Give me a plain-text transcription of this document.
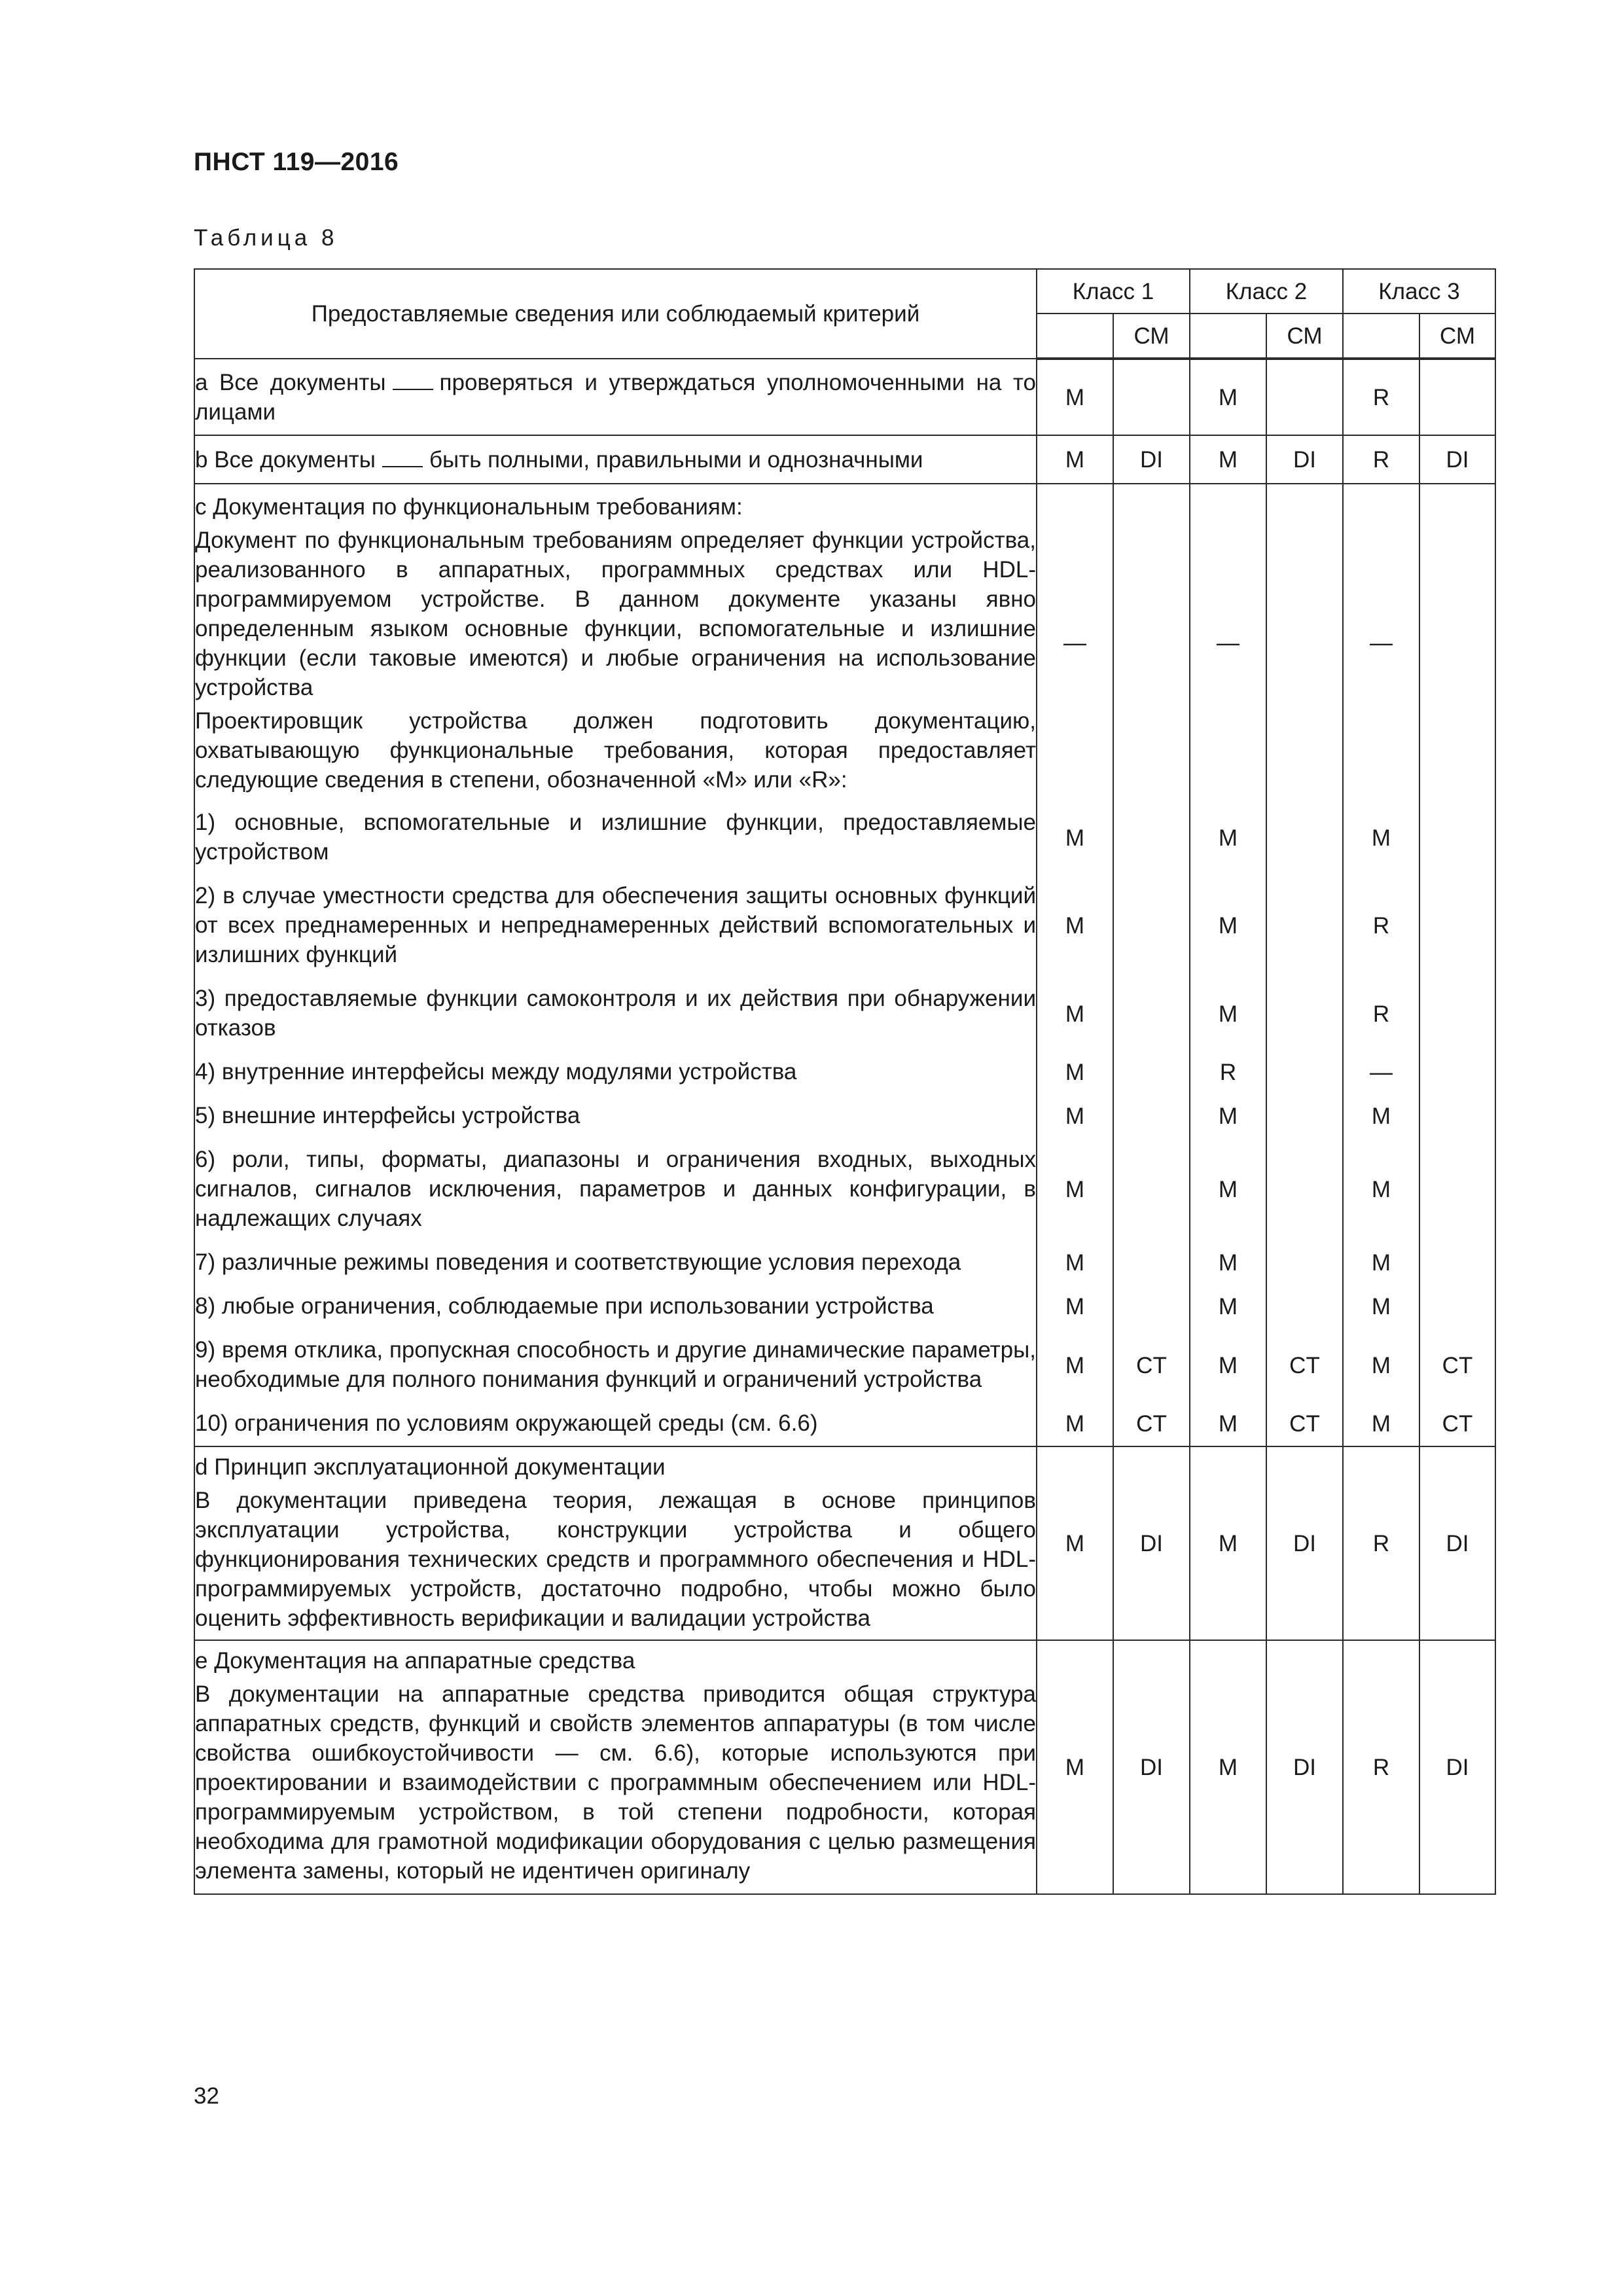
ПНСТ 119—2016
Таблица 8
Предоставляемые сведения или соблюдаемый критерий	Класс 1		Класс 2		Класс 3	
		СМ		СМ		СМ
а Все документы проверяться и утверждаться уполномоченными на то лицами	M		M		R	
b Все документы быть полными, правильными и однозначными	M	DI	M	DI	R	DI

с Документация по функциональным требованиям:

Документ по функциональным требованиям определяет функции устройства, реализованного в аппаратных, программных средствах или HDL-программируемом устройстве. В данном документе указаны явно определенным языком основные функции, вспомогательные и излишние функции (если таковые имеются) и любые ограничения на использование устройства

Проектировщик устройства должен подготовить документацию, охватывающую функциональные требования, которая предоставляет следующие сведения в степени, обозначенной «M» или «R»:	—		—		—	
1) основные, вспомогательные и излишние функции, предоставляемые устройством	M		M		M	
2) в случае уместности средства для обеспечения защиты основных функций от всех преднамеренных и непреднамеренных действий вспомогательных и излишних функций	M		M		R	
3) предоставляемые функции самоконтроля и их действия при обнаружении отказов	M		M		R	
4) внутренние интерфейсы между модулями устройства	M		R		—	
5) внешние интерфейсы устройства	M		M		M	
6) роли, типы, форматы, диапазоны и ограничения входных, выходных сигналов, сигналов исключения, параметров и данных конфигурации, в надлежащих случаях	M		M		M	
7) различные режимы поведения и соответствующие условия перехода	M		M		M	
8) любые ограничения, соблюдаемые при использовании устройства	M		M		M	
9) время отклика, пропускная способность и другие динамические параметры, необходимые для полного понимания функций и ограничений устройства	M	CT	M	CT	M	CT
10) ограничения по условиям окружающей среды (см. 6.6)	M	CT	M	CT	M	CT

d Принцип эксплуатационной документации

В документации приведена теория, лежащая в основе принципов эксплуатации устройства, конструкции устройства и общего функционирования технических средств и программного обеспечения и HDL-программируемых устройств, достаточно подробно, чтобы можно было оценить эффективность верификации и валидации устройства	M	DI	M	DI	R	DI

е Документация на аппаратные средства

В документации на аппаратные средства приводится общая структура аппаратных средств, функций и свойств элементов аппаратуры (в том числе свойства ошибкоустойчивости — см. 6.6), которые используются при проектировании и взаимодействии с программным обеспечением или HDL-программируемым устройством, в той степени подробности, которая необходима для грамотной модификации оборудования с целью размещения элемента замены, который не идентичен оригиналу	M	DI	M	DI	R	DI
32
